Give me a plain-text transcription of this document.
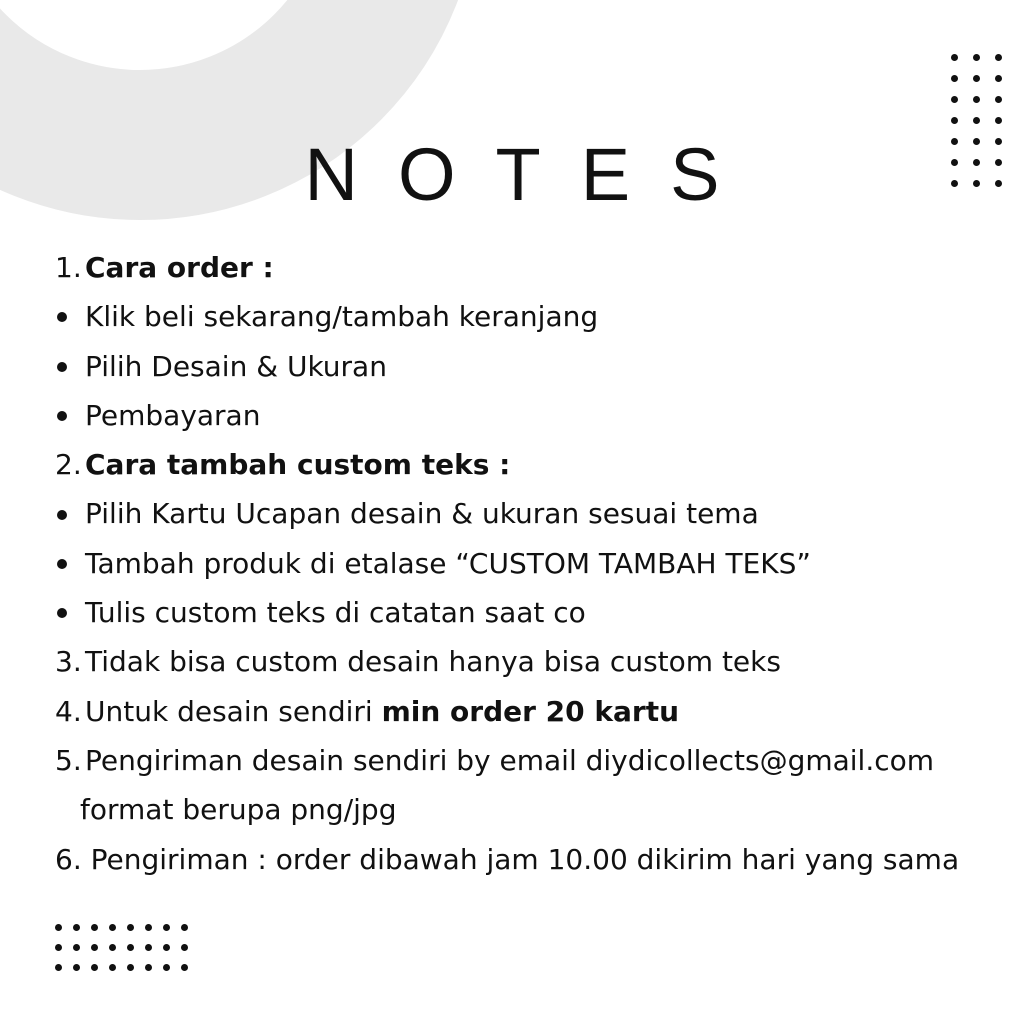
NOTES
1. Cara order :
Klik beli sekarang/tambah keranjang
Pilih Desain & Ukuran
Pembayaran
2. Cara tambah custom teks :
Pilih Kartu Ucapan desain & ukuran sesuai tema
Tambah produk di etalase “CUSTOM TAMBAH TEKS”
Tulis custom teks di catatan saat co
3. Tidak bisa custom desain hanya bisa custom teks
4. Untuk desain sendiri min order 20 kartu
5. Pengiriman desain sendiri by email diydicollects@gmail.com
format berupa png/jpg
6. Pengiriman : order dibawah jam 10.00 dikirim hari yang sama
